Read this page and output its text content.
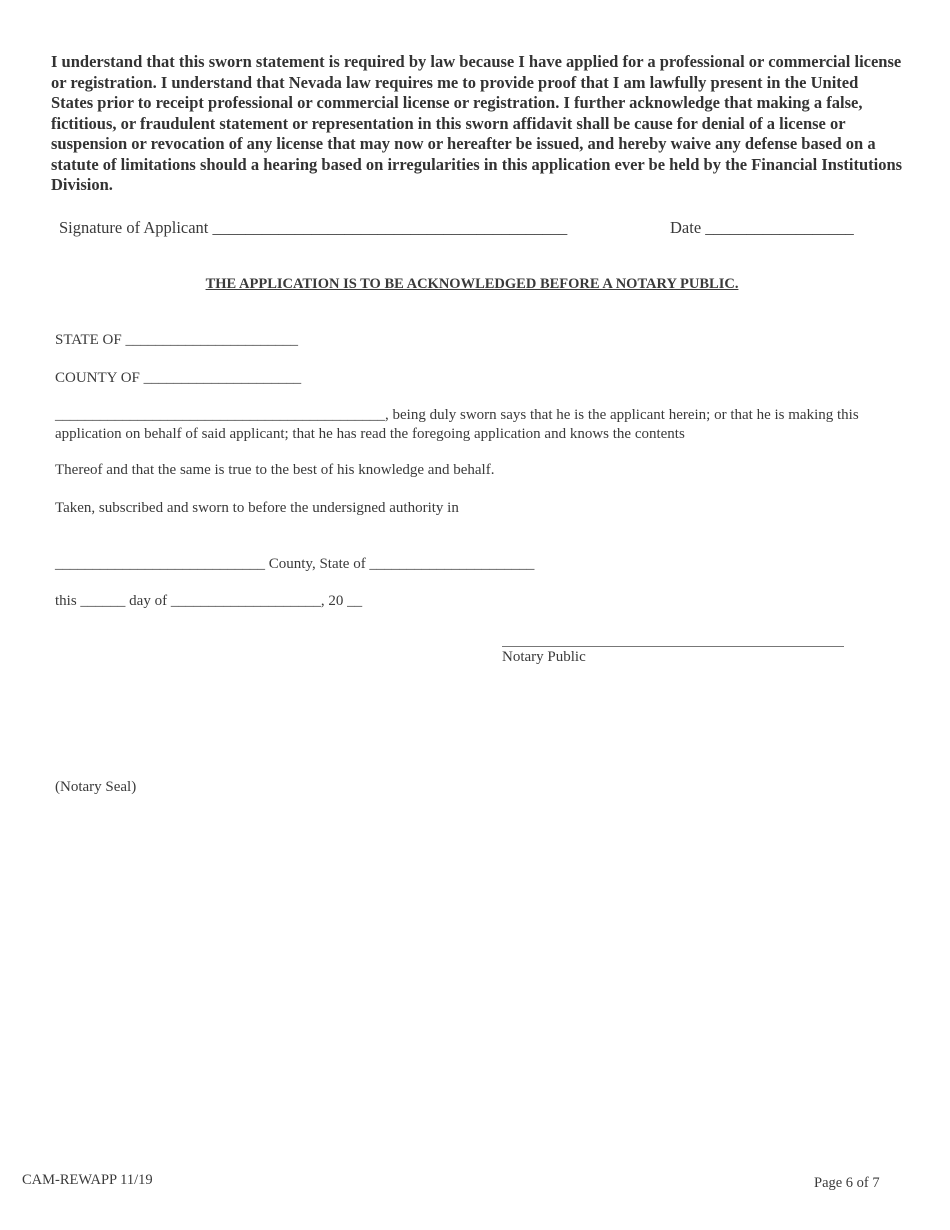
I understand that this sworn statement is required by law because I have applied for a professional or commercial license or registration. I understand that Nevada law requires me to provide proof that I am lawfully present in the United States prior to receipt professional or commercial license or registration. I further acknowledge that making a false, fictitious, or fraudulent statement or representation in this sworn affidavit shall be cause for denial of a license or suspension or revocation of any license that may now or hereafter be issued, and hereby waive any defense based on a statute of limitations should a hearing based on irregularities in this application ever be held by the Financial Institutions Division.
Signature of Applicant ___________________________________________	Date __________________
THE APPLICATION IS TO BE ACKNOWLEDGED BEFORE A NOTARY PUBLIC.
STATE OF _______________________
COUNTY OF _____________________
____________________________________________, being duly sworn says that he is the applicant herein; or that he is making this application on behalf of said applicant; that he has read the foregoing application and knows the contents
Thereof and that the same is true to the best of his knowledge and behalf.
Taken, subscribed and sworn to before the undersigned authority in
____________________________ County, State of ______________________
this ______ day of ____________________, 20 __
Notary Public
(Notary Seal)
CAM-REWAPP 11/19	Page 6 of 7
